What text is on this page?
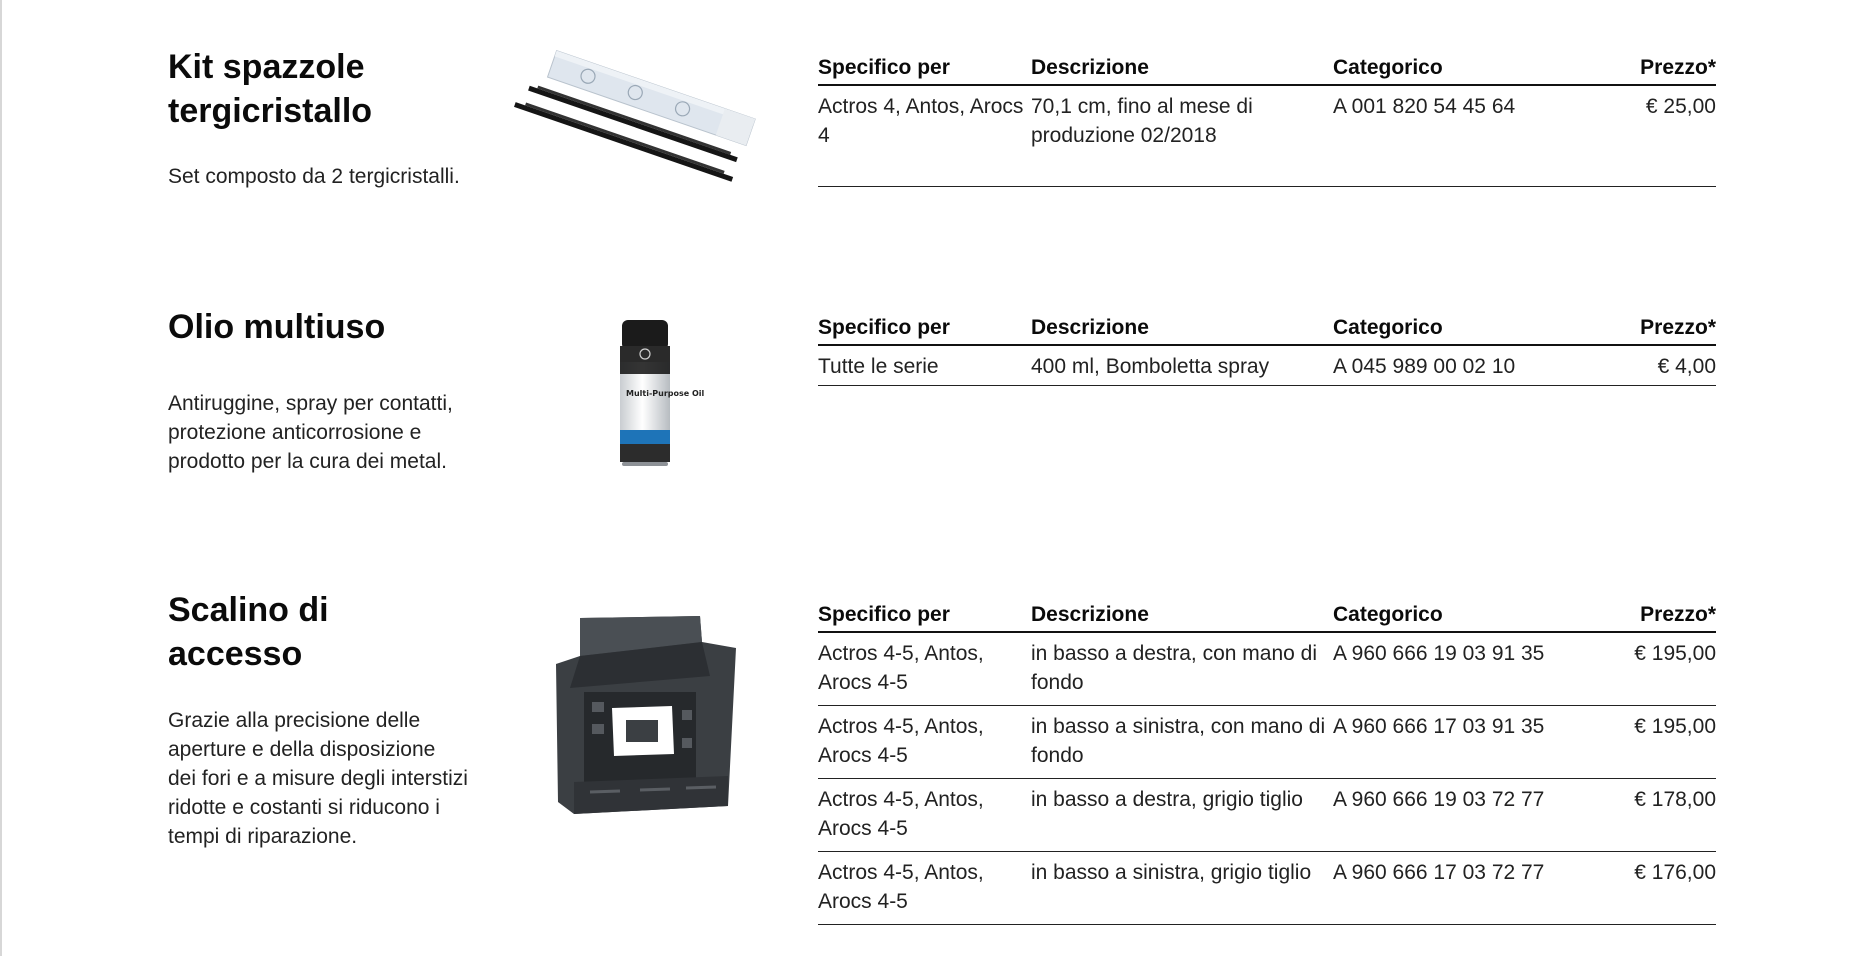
Kit spazzole tergicristallo

Set composto da 2 tergicristalli.

Specifico per	Descrizione	Categorico	Prezzo*
Actros 4, Antos, Arocs 4	70,1 cm, fino al mese di produzione 02/2018	A 001 820 54 45 64	€ 25,00
Olio multiuso

Antiruggine, spray per contatti, protezione anticorrosione e prodotto per la cura dei metal.

Multi-Purpose Oil
Specifico per	Descrizione	Categorico	Prezzo*
Tutte le serie	400 ml, Bomboletta spray	A 045 989 00 02 10	€ 4,00
Scalino di accesso

Grazie alla precisione delle aperture e della disposizione dei fori e a misure degli interstizi ridotte e costanti si riducono i tempi di riparazione.

Specifico per	Descrizione	Categorico	Prezzo*
Actros 4-5, Antos, Arocs 4-5	in basso a destra, con mano di fondo	A 960 666 19 03 91 35	€ 195,00
Actros 4-5, Antos, Arocs 4-5	in basso a sinistra, con mano di fondo	A 960 666 17 03 91 35	€ 195,00
Actros 4-5, Antos, Arocs 4-5	in basso a destra, grigio tiglio	A 960 666 19 03 72 77	€ 178,00
Actros 4-5, Antos, Arocs 4-5	in basso a sinistra, grigio tiglio	A 960 666 17 03 72 77	€ 176,00
